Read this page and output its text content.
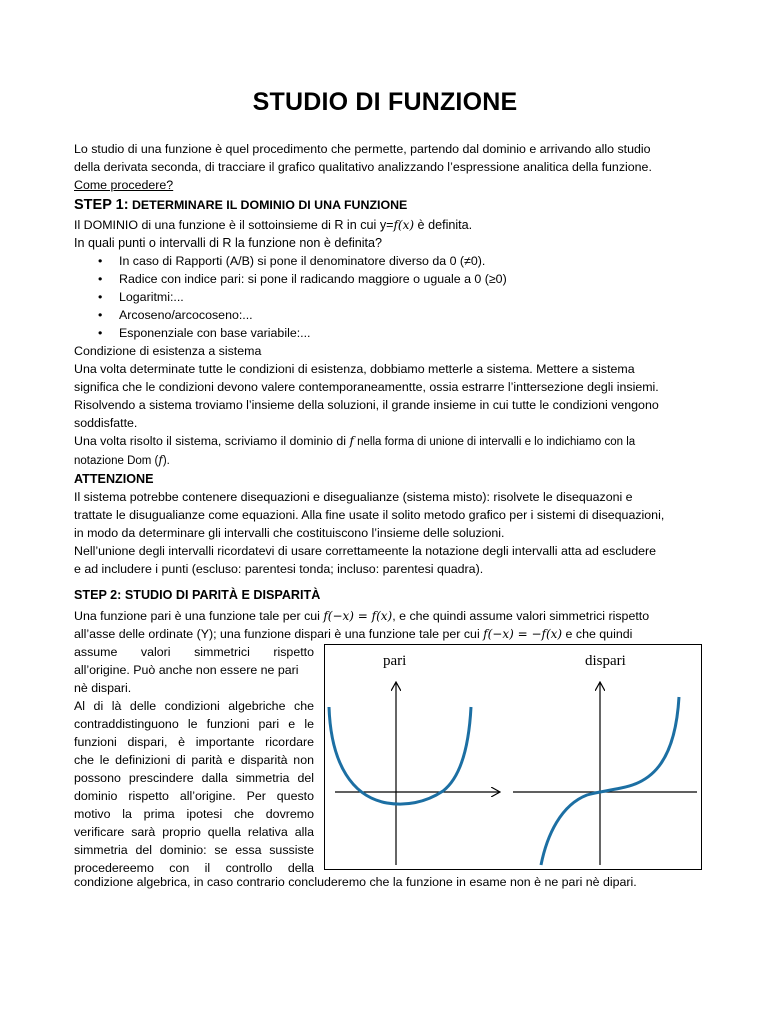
STUDIO DI FUNZIONE

Lo studio di una funzione è quel procedimento che permette, partendo dal dominio e arrivando allo studio

della derivata seconda, di tracciare il grafico qualitativo analizzando l’espressione analitica della funzione.

Come procedere?

STEP 1: DETERMINARE IL DOMINIO DI UNA FUNZIONE

Il DOMINIO di una funzione è il sottoinsieme di R in cui y=f(x) è definita.

In quali punti o intervalli di R la funzione non è definita?

• In caso di Rapporti (A/B) si pone il denominatore diverso da 0 (≠0).
• Radice con indice pari: si pone il radicando maggiore o uguale a 0 (≥0)
• Logaritmi:...
• Arcoseno/arcocoseno:...
• Esponenziale con base variabile:...

Condizione di esistenza a sistema

Una volta determinate tutte le condizioni di esistenza, dobbiamo metterle a sistema. Mettere a sistema

significa che le condizioni devono valere contemporaneamentte, ossia estrarre l’inttersezione degli insiemi.

Risolvendo a sistema troviamo l’insieme della soluzioni, il grande insieme in cui tutte le condizioni vengono

soddisfatte.

Una volta risolto il sistema, scriviamo il dominio di f nella forma di unione di intervalli e lo indichiamo con la

notazione Dom (f).

ATTENZIONE

Il sistema potrebbe contenere disequazioni e disegualianze (sistema misto): risolvete le disequazoni e

trattate le disugualianze come equazioni. Alla fine usate il solito metodo grafico per i sistemi di disequazioni,

in modo da determinare gli intervalli che costituiscono l’insieme delle soluzioni.

Nell’unione degli intervalli ricordatevi di usare correttameente la notazione degli intervalli atta ad escludere

e ad includere i punti (escluso: parentesi tonda; incluso: parentesi quadra).

STEP 2: STUDIO DI PARITÀ E DISPARITÀ

Una funzione pari è una funzione tale per cui f(−x) = f(x), e che quindi assume valori simmetrici rispetto

all’asse delle ordinate (Y); una funzione dispari è una funzione tale per cui f(−x) = −f(x) e che quindi

assume valori simmetrici rispetto

all’origine. Può anche non essere ne pari

nè dispari.

Al di là delle condizioni algebriche che

contraddistinguono le funzioni pari e le

funzioni dispari, è importante ricordare

che le definizioni di parità e disparità non

possono prescindere dalla simmetria del

dominio rispetto all’origine. Per questo

motivo la prima ipotesi che dovremo

verificare sarà proprio quella relativa alla

simmetria del dominio: se essa sussiste

procedereemo con il controllo della

condizione algebrica, in caso contrario concluderemo che la funzione in esame non è ne pari nè dipari.

pari	dispari
